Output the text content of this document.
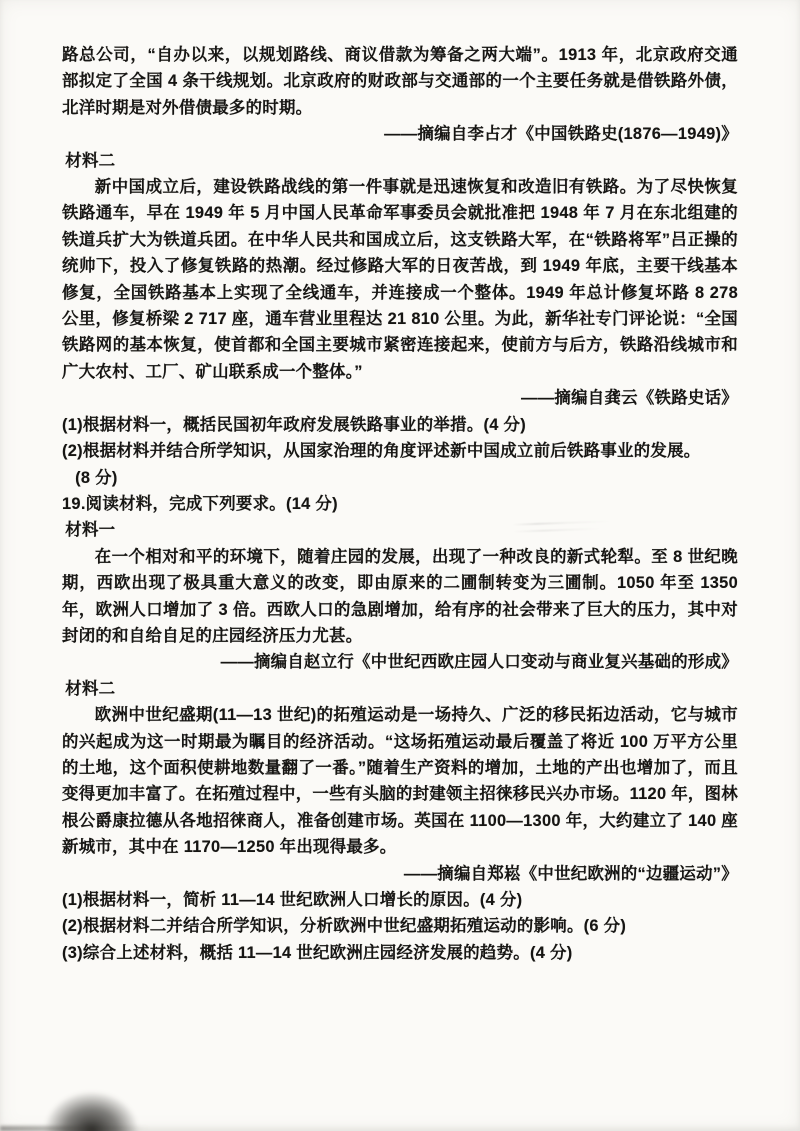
路总公司，“自办以来，以规划路线、商议借款为筹备之两大端”。1913 年，北京政府交通部拟定了全国 4 条干线规划。北京政府的财政部与交通部的一个主要任务就是借铁路外债，北洋时期是对外借债最多的时期。

——摘编自李占才《中国铁路史(1876—1949)》

材料二

新中国成立后，建设铁路战线的第一件事就是迅速恢复和改造旧有铁路。为了尽快恢复铁路通车，早在 1949 年 5 月中国人民革命军事委员会就批准把 1948 年 7 月在东北组建的铁道兵扩大为铁道兵团。在中华人民共和国成立后，这支铁路大军，在“铁路将军”吕正操的统帅下，投入了修复铁路的热潮。经过修路大军的日夜苦战，到 1949 年底，主要干线基本修复，全国铁路基本上实现了全线通车，并连接成一个整体。1949 年总计修复坏路 8 278 公里，修复桥梁 2 717 座，通车营业里程达 21 810 公里。为此，新华社专门评论说：“全国铁路网的基本恢复，使首都和全国主要城市紧密连接起来，使前方与后方，铁路沿线城市和广大农村、工厂、矿山联系成一个整体。”

——摘编自龚云《铁路史话》

(1)根据材料一，概括民国初年政府发展铁路事业的举措。(4 分)

(2)根据材料并结合所学知识，从国家治理的角度评述新中国成立前后铁路事业的发展。

(8 分)

19.阅读材料，完成下列要求。(14 分)

材料一

在一个相对和平的环境下，随着庄园的发展，出现了一种改良的新式轮犁。至 8 世纪晚期，西欧出现了极具重大意义的改变，即由原来的二圃制转变为三圃制。1050 年至 1350 年，欧洲人口增加了 3 倍。西欧人口的急剧增加，给有序的社会带来了巨大的压力，其中对封闭的和自给自足的庄园经济压力尤甚。

——摘编自赵立行《中世纪西欧庄园人口变动与商业复兴基础的形成》

材料二

欧洲中世纪盛期(11—13 世纪)的拓殖运动是一场持久、广泛的移民拓边活动，它与城市的兴起成为这一时期最为瞩目的经济活动。“这场拓殖运动最后覆盖了将近 100 万平方公里的土地，这个面积使耕地数量翻了一番。”随着生产资料的增加，土地的产出也增加了，而且变得更加丰富了。在拓殖过程中，一些有头脑的封建领主招徕移民兴办市场。1120 年，图林根公爵康拉德从各地招徕商人，准备创建市场。英国在 1100—1300 年，大约建立了 140 座新城市，其中在 1170—1250 年出现得最多。

——摘编自郑崧《中世纪欧洲的“边疆运动”》

(1)根据材料一，简析 11—14 世纪欧洲人口增长的原因。(4 分)

(2)根据材料二并结合所学知识，分析欧洲中世纪盛期拓殖运动的影响。(6 分)

(3)综合上述材料，概括 11—14 世纪欧洲庄园经济发展的趋势。(4 分)
